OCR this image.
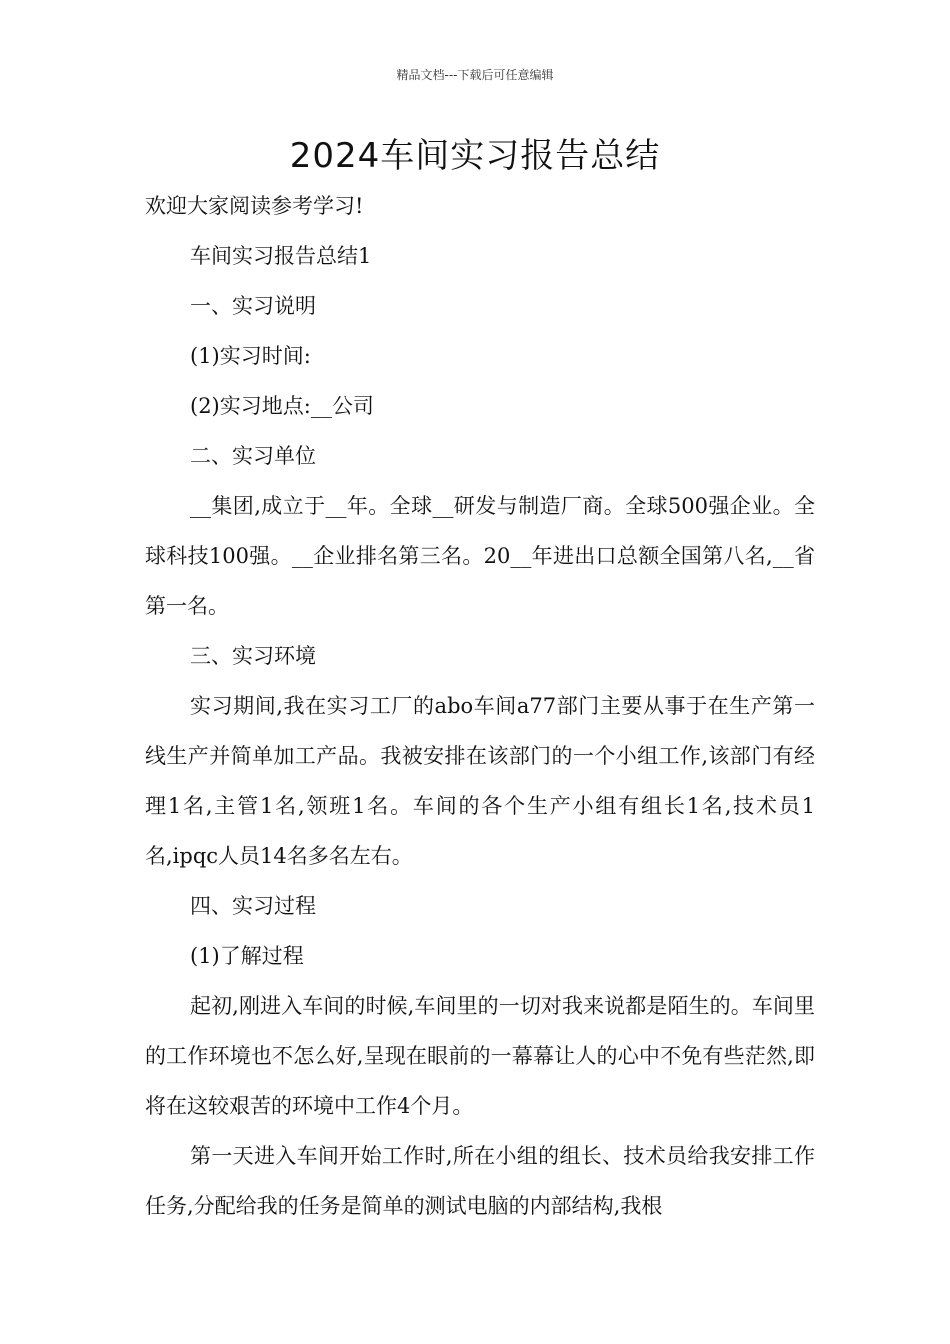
精品文档---下载后可任意编辑
2024车间实习报告总结

欢迎大家阅读参考学习!

车间实习报告总结1

一、实习说明

(1)实习时间:

(2)实习地点:__公司

二、实习单位

__集团,成立于__年。全球__研发与制造厂商。全球500强企业。全球科技100强。__企业排名第三名。20__年进出口总额全国第八名,__省第一名。

三、实习环境

实习期间,我在实习工厂的abo车间a77部门主要从事于在生产第一线生产并简单加工产品。我被安排在该部门的一个小组工作,该部门有经理1名,主管1名,领班1名。车间的各个生产小组有组长1名,技术员1名,ipqc人员14名多名左右。

四、实习过程

(1)了解过程

起初,刚进入车间的时候,车间里的一切对我来说都是陌生的。车间里的工作环境也不怎么好,呈现在眼前的一幕幕让人的心中不免有些茫然,即将在这较艰苦的环境中工作4个月。

第一天进入车间开始工作时,所在小组的组长、技术员给我安排工作任务,分配给我的任务是简单的测试电脑的内部结构,我根
